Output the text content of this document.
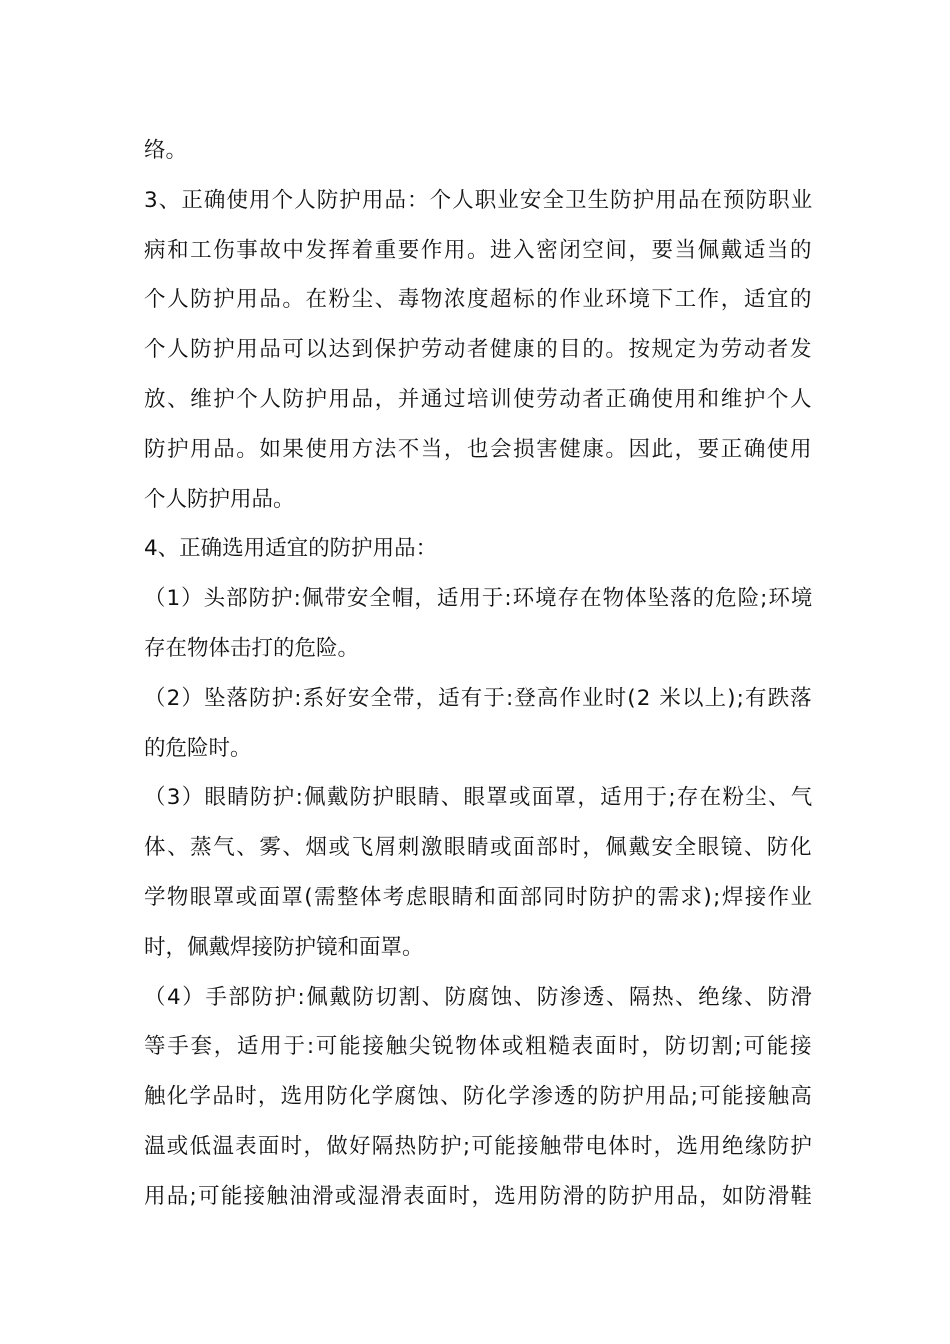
络。
3、正确使用个人防护用品：个人职业安全卫生防护用品在预防职业
病和工伤事故中发挥着重要作用。进入密闭空间，要当佩戴适当的
个人防护用品。在粉尘、毒物浓度超标的作业环境下工作，适宜的
个人防护用品可以达到保护劳动者健康的目的。按规定为劳动者发
放、维护个人防护用品，并通过培训使劳动者正确使用和维护个人
防护用品。如果使用方法不当，也会损害健康。因此，要正确使用
个人防护用品。
4、正确选用适宜的防护用品：
（1）头部防护:佩带安全帽，适用于:环境存在物体坠落的危险;环境
存在物体击打的危险。
（2）坠落防护:系好安全带，适有于:登高作业时(2 米以上);有跌落
的危险时。
（3）眼睛防护:佩戴防护眼睛、眼罩或面罩，适用于;存在粉尘、气
体、蒸气、雾、烟或飞屑刺激眼睛或面部时，佩戴安全眼镜、防化
学物眼罩或面罩(需整体考虑眼睛和面部同时防护的需求);焊接作业
时，佩戴焊接防护镜和面罩。
（4）手部防护:佩戴防切割、防腐蚀、防渗透、隔热、绝缘、防滑
等手套，适用于:可能接触尖锐物体或粗糙表面时，防切割;可能接
触化学品时，选用防化学腐蚀、防化学渗透的防护用品;可能接触高
温或低温表面时，做好隔热防护;可能接触带电体时，选用绝缘防护
用品;可能接触油滑或湿滑表面时，选用防滑的防护用品，如防滑鞋
